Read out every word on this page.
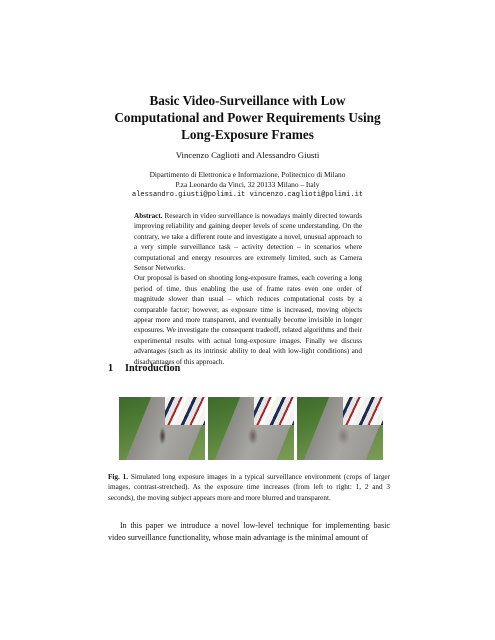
Basic Video-Surveillance with Low
Computational and Power Requirements Using
Long-Exposure Frames
Vincenzo Caglioti and Alessandro Giusti
Dipartimento di Elettronica e Informazione, Politecnico di Milano
P.za Leonardo da Vinci, 32 20133 Milano – Italy
alessandro.giusti@polimi.it vincenzo.caglioti@polimi.it

Abstract. Research in video surveillance is nowadays mainly directed towards improving reliability and gaining deeper levels of scene understanding. On the contrary, we take a different route and investigate a novel, unusual approach to a very simple surveillance task – activity detection – in scenarios where computational and energy resources are extremely limited, such as Camera Sensor Networks.

Our proposal is based on shooting long-exposure frames, each covering a long period of time, thus enabling the use of frame rates even one order of magnitude slower than usual – which reduces computational costs by a comparable factor; however, as exposure time is increased, moving objects appear more and more transparent, and eventually become invisible in longer exposures. We investigate the consequent tradeoff, related algorithms and their experimental results with actual long-exposure images. Finally we discuss advantages (such as its intrinsic ability to deal with low-light conditions) and disadvantages of this approach.

1 Introduction
Fig. 1. Simulated long exposure images in a typical surveillance environment (crops of larger images, contrast-stretched). As the exposure time increases (from left to right: 1, 2 and 3 seconds), the moving subject appears more and more blurred and transparent.
In this paper we introduce a novel low-level technique for implementing basic video surveillance functionality, whose main advantage is the minimal amount of
